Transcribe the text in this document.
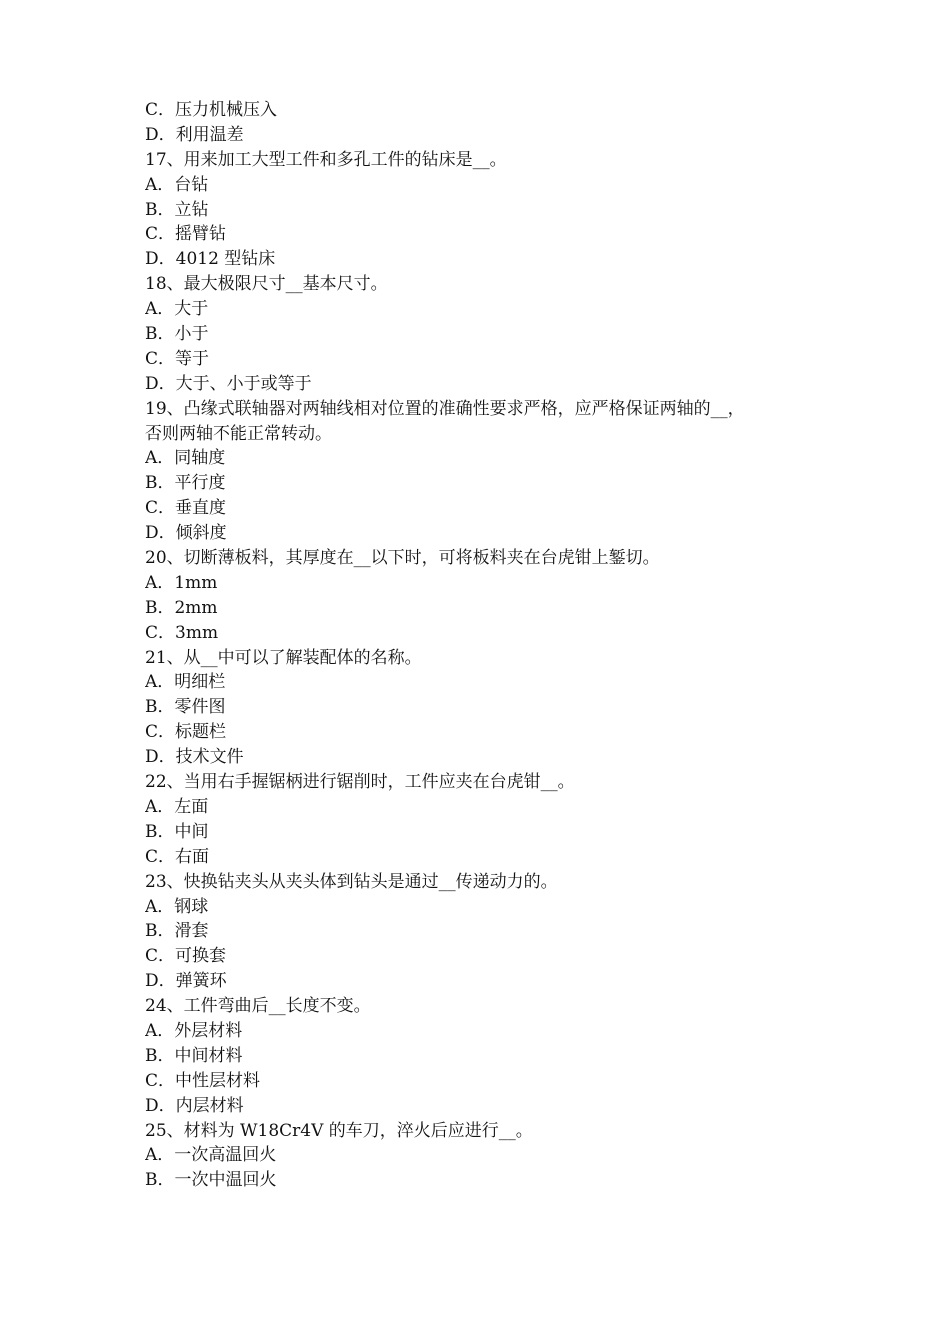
C．压力机械压入
D．利用温差
17、用来加工大型工件和多孔工件的钻床是__。
A．台钻
B．立钻
C．摇臂钻
D．4012 型钻床
18、最大极限尺寸__基本尺寸。
A．大于
B．小于
C．等于
D．大于、小于或等于
19、凸缘式联轴器对两轴线相对位置的准确性要求严格，应严格保证两轴的__，
否则两轴不能正常转动。
A．同轴度
B．平行度
C．垂直度
D．倾斜度
20、切断薄板料，其厚度在__以下时，可将板料夹在台虎钳上錾切。
A．1mm
B．2mm
C．3mm
21、从__中可以了解装配体的名称。
A．明细栏
B．零件图
C．标题栏
D．技术文件
22、当用右手握锯柄进行锯削时，工件应夹在台虎钳__。
A．左面
B．中间
C．右面
23、快换钻夹头从夹头体到钻头是通过__传递动力的。
A．钢球
B．滑套
C．可换套
D．弹簧环
24、工件弯曲后__长度不变。
A．外层材料
B．中间材料
C．中性层材料
D．内层材料
25、材料为 W18Cr4V 的车刀，淬火后应进行__。
A．一次高温回火
B．一次中温回火
